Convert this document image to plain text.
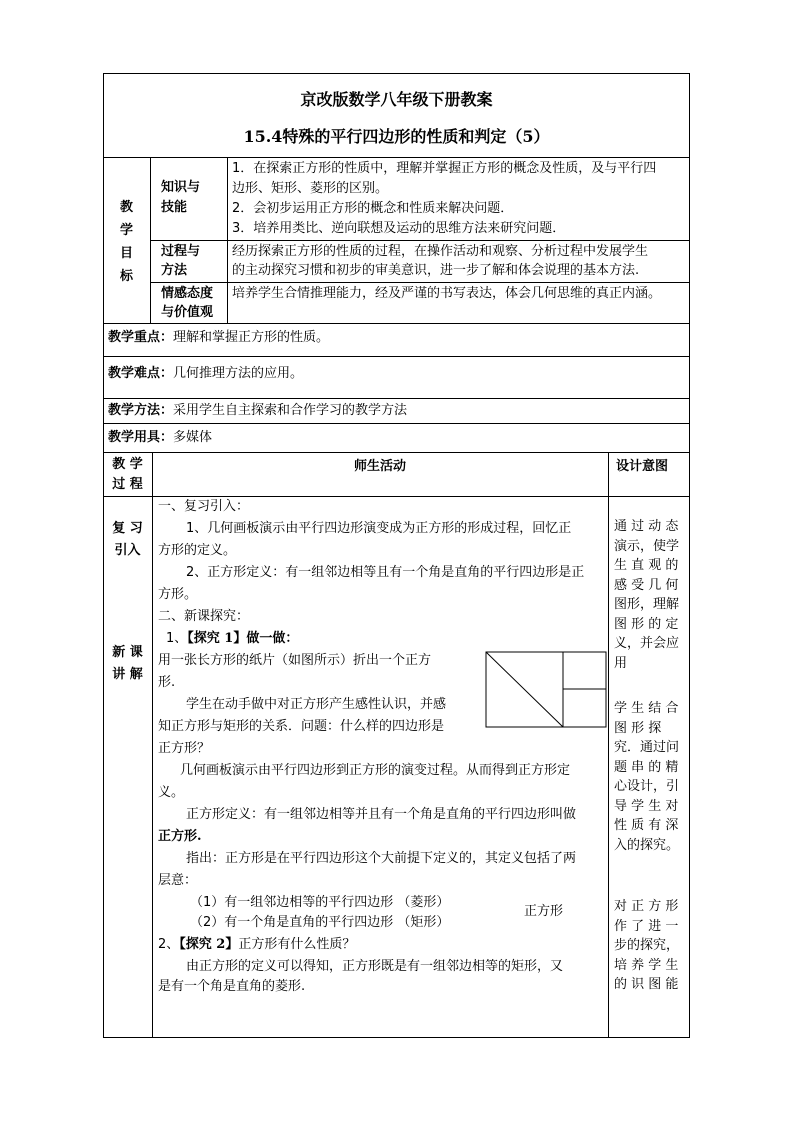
京改版数学八年级下册教案
15.4特殊的平行四边形的性质和判定（5）
教
学
目
标
知识与
技能
过程与
方法
情感态度
与价值观
1．在探索正方形的性质中，理解并掌握正方形的概念及性质，及与平行四
边形、矩形、菱形的区别。
2．会初步运用正方形的概念和性质来解决问题．
3．培养用类比、逆向联想及运动的思维方法来研究问题．
经历探索正方形的性质的过程，在操作活动和观察、分析过程中发展学生
的主动探究习惯和初步的审美意识，进一步了解和体会说理的基本方法.
培养学生合情推理能力，经及严谨的书写表达，体会几何思维的真正内涵。
教学重点：理解和掌握正方形的性质。
教学难点：几何推理方法的应用。
教学方法：采用学生自主探索和合作学习的教学方法
教学用具：多媒体
教 学
过 程
师生活动	设计意图
复 习
引入
新 课
讲 解
一、复习引入：
1、几何画板演示由平行四边形演变成为正方形的形成过程，回忆正
方形的定义。
2、正方形定义：有一组邻边相等且有一个角是直角的平行四边形是正
方形。
二、新课探究：
1、【探究 1】做一做：
用一张长方形的纸片（如图所示）折出一个正方
形.
学生在动手做中对正方形产生感性认识，并感
知正方形与矩形的关系．问题：什么样的四边形是
正方形？
几何画板演示由平行四边形到正方形的演变过程。从而得到正方形定
义。
正方形定义：有一组邻边相等并且有一个角是直角的平行四边形叫做
正方形.
指出：正方形是在平行四边形这个大前提下定义的，其定义包括了两
层意：
（1）有一组邻边相等的平行四边形 （菱形）
（2）有一个角是直角的平行四边形 （矩形）
正方形
2、【探究 2】正方形有什么性质？
由正方形的定义可以得知，正方形既是有一组邻边相等的矩形，又
是有一个角是直角的菱形.
通 过 动 态
演示，使学
生 直 观 的
感 受 几 何
图形，理解
图 形 的 定
义，并会应
用
学 生 结 合
图 形 探
究．通过问
题 串 的 精
心设计，引
导 学 生 对
性 质 有 深
入的探究。
对 正 方 形
作 了 进 一
步的探究，
培 养 学 生
的 识 图 能
